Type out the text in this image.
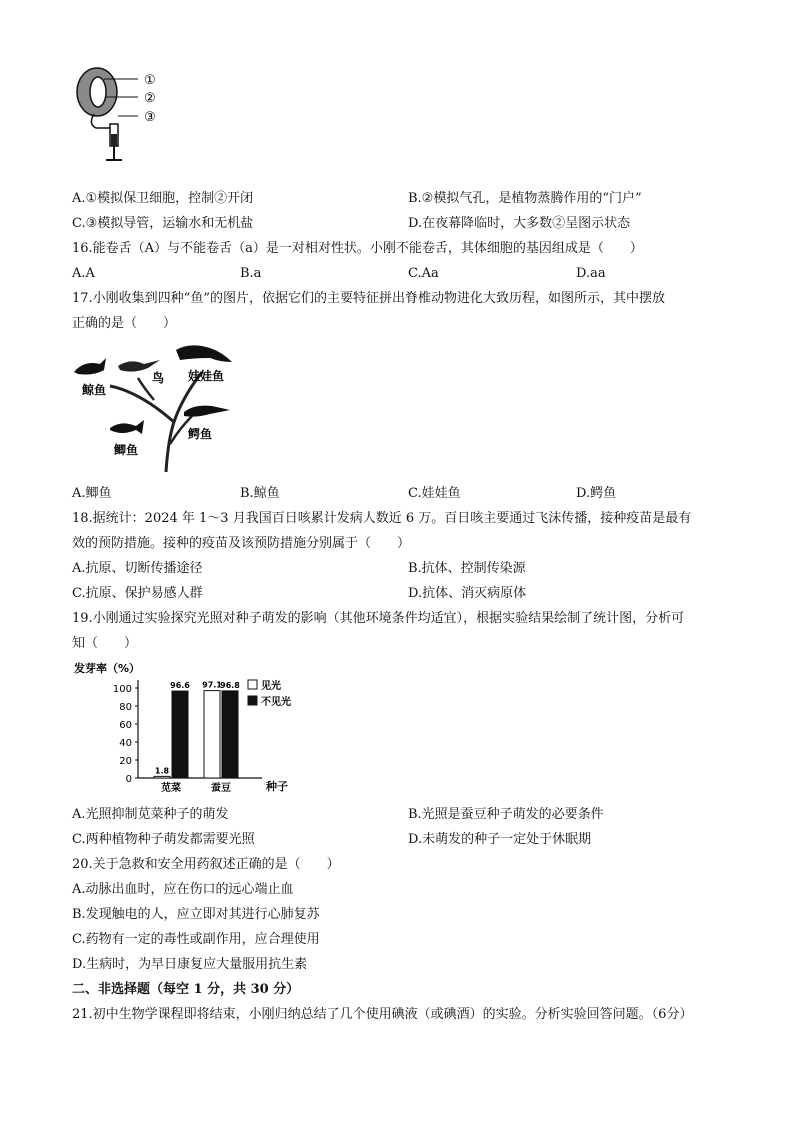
①
②
③
A.①模拟保卫细胞，控制②开闭	B.②模拟气孔，是植物蒸腾作用的“门户”
C.③模拟导管，运输水和无机盐	D.在夜幕降临时，大多数②呈图示状态
16.能卷舌（A）与不能卷舌（a）是一对相对性状。小刚不能卷舌，其体细胞的基因组成是（　　）
A.A	B.a	C.Aa	D.aa
17.小刚收集到四种“鱼”的图片，依据它们的主要特征拼出脊椎动物进化大致历程，如图所示，其中摆放
正确的是（　　）
鲸鱼
鸟 娃娃鱼
鳄鱼
鲫鱼
A.鲫鱼	B.鲸鱼	C.娃娃鱼	D.鳄鱼
18.据统计：2024 年 1～3 月我国百日咳累计发病人数近 6 万。百日咳主要通过飞沫传播，接种疫苗是最有
效的预防措施。接种的疫苗及该预防措施分别属于（　　）
A.抗原、切断传播途径	B.抗体、控制传染源
C.抗原、保护易感人群	D.抗体、消灭病原体
19.小刚通过实验探究光照对种子萌发的影响（其他环境条件均适宜），根据实验结果绘制了统计图，分析可
知（　　）
发芽率（%）
0
20
40
60
80
100
1.8
96.6
苋菜
97.1
96.8
蚕豆	种子
见光
不见光
A.光照抑制苋菜种子的萌发	B.光照是蚕豆种子萌发的必要条件
C.两种植物种子萌发都需要光照	D.未萌发的种子一定处于休眠期
20.关于急救和安全用药叙述正确的是（　　）
A.动脉出血时，应在伤口的远心端止血
B.发现触电的人，应立即对其进行心肺复苏
C.药物有一定的毒性或副作用，应合理使用
D.生病时，为早日康复应大量服用抗生素
二、非选择题（每空 1 分，共 30 分）
21.初中生物学课程即将结束，小刚归纳总结了几个使用碘液（或碘酒）的实验。分析实验回答问题。（6分）
